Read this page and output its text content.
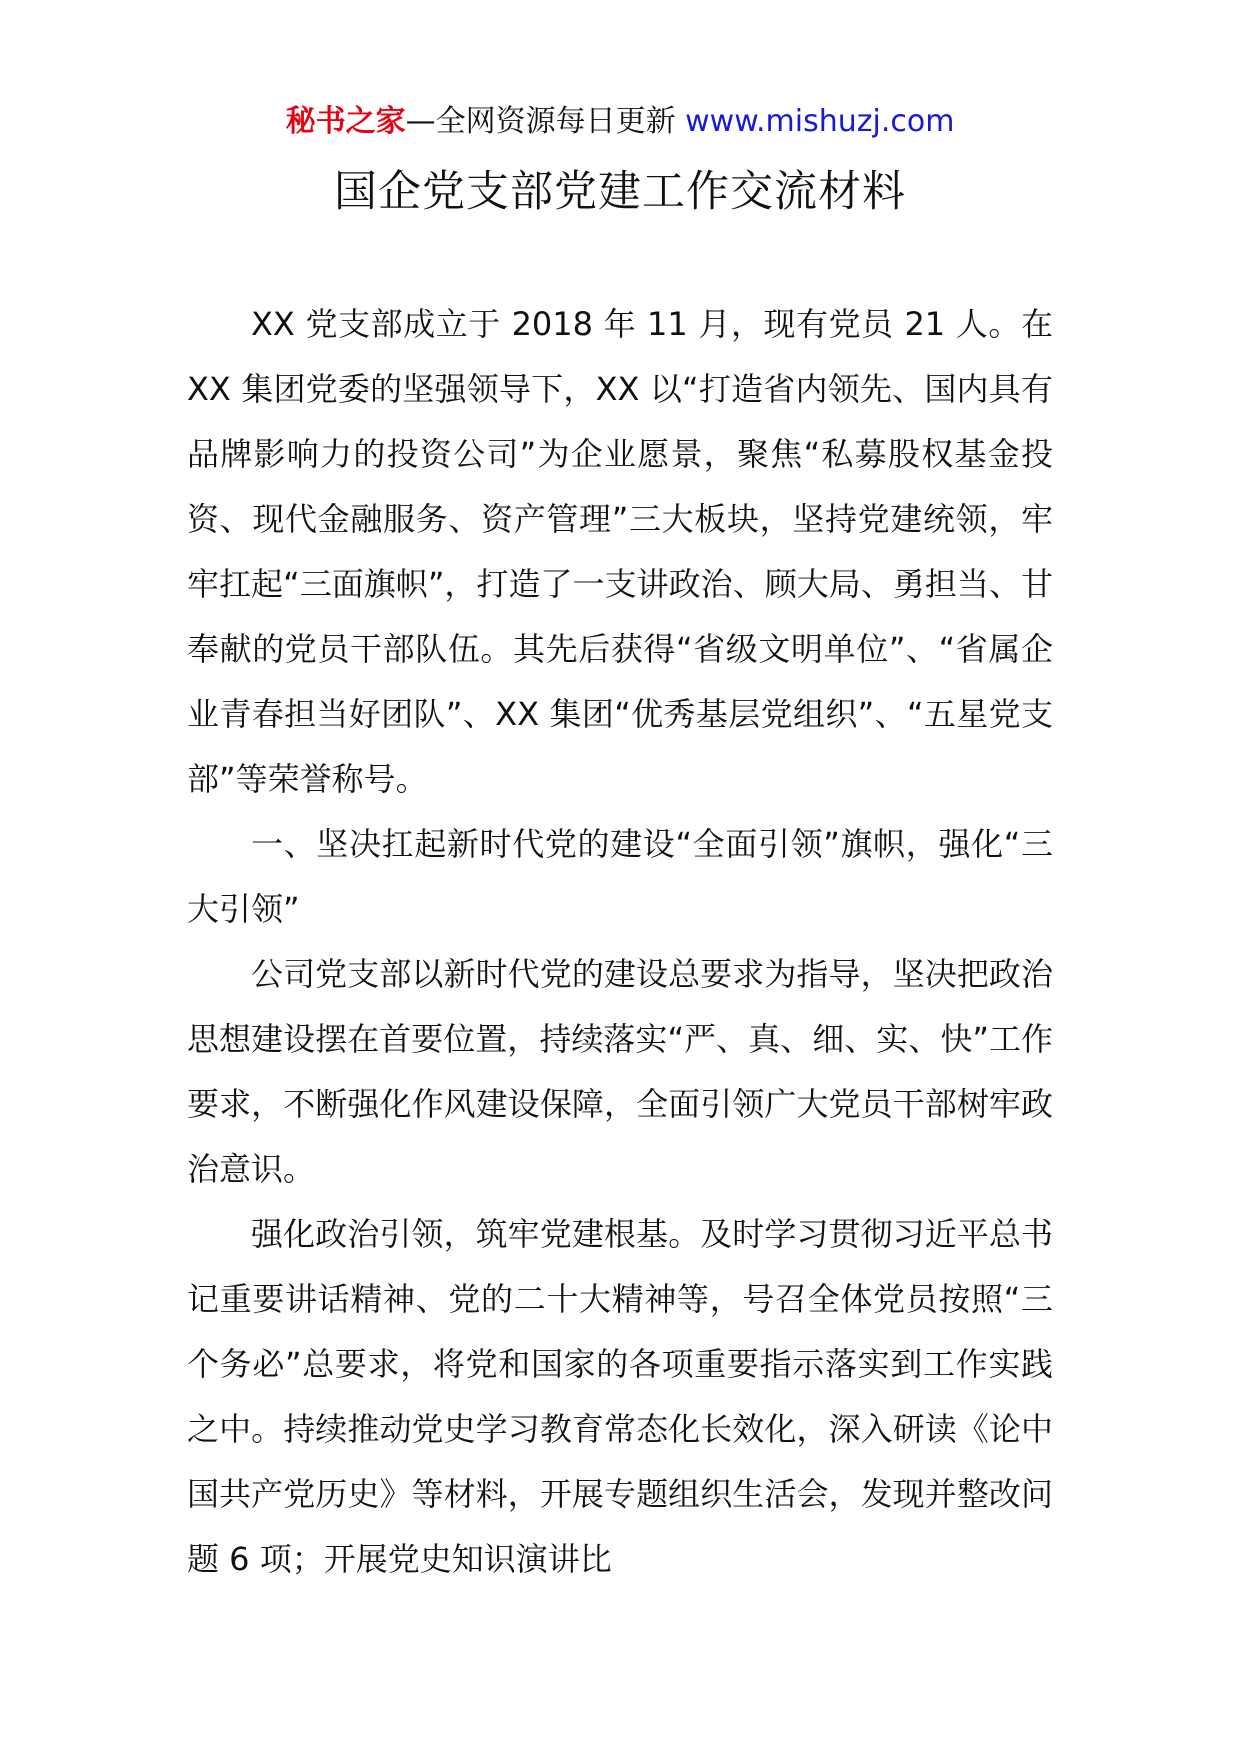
秘书之家—全网资源每日更新 www.mishuzj.com
国企党支部党建工作交流材料

XX 党支部成立于 2018 年 11 月，现有党员 21 人。在 XX 集团党委的坚强领导下，XX 以“打造省内领先、国内具有品牌影响力的投资公司”为企业愿景，聚焦“私募股权基金投资、现代金融服务、资产管理”三大板块，坚持党建统领，牢牢扛起“三面旗帜”，打造了一支讲政治、顾大局、勇担当、甘奉献的党员干部队伍。其先后获得“省级文明单位”、“省属企业青春担当好团队”、XX 集团“优秀基层党组织”、“五星党支部”等荣誉称号。

一、坚决扛起新时代党的建设“全面引领”旗帜，强化“三大引领”

公司党支部以新时代党的建设总要求为指导，坚决把政治思想建设摆在首要位置，持续落实“严、真、细、实、快”工作要求，不断强化作风建设保障，全面引领广大党员干部树牢政治意识。

强化政治引领，筑牢党建根基。及时学习贯彻习近平总书记重要讲话精神、党的二十大精神等，号召全体党员按照“三个务必”总要求，将党和国家的各项重要指示落实到工作实践之中。持续推动党史学习教育常态化长效化，深入研读《论中国共产党历史》等材料，开展专题组织生活会，发现并整改问题 6 项；开展党史知识演讲比
